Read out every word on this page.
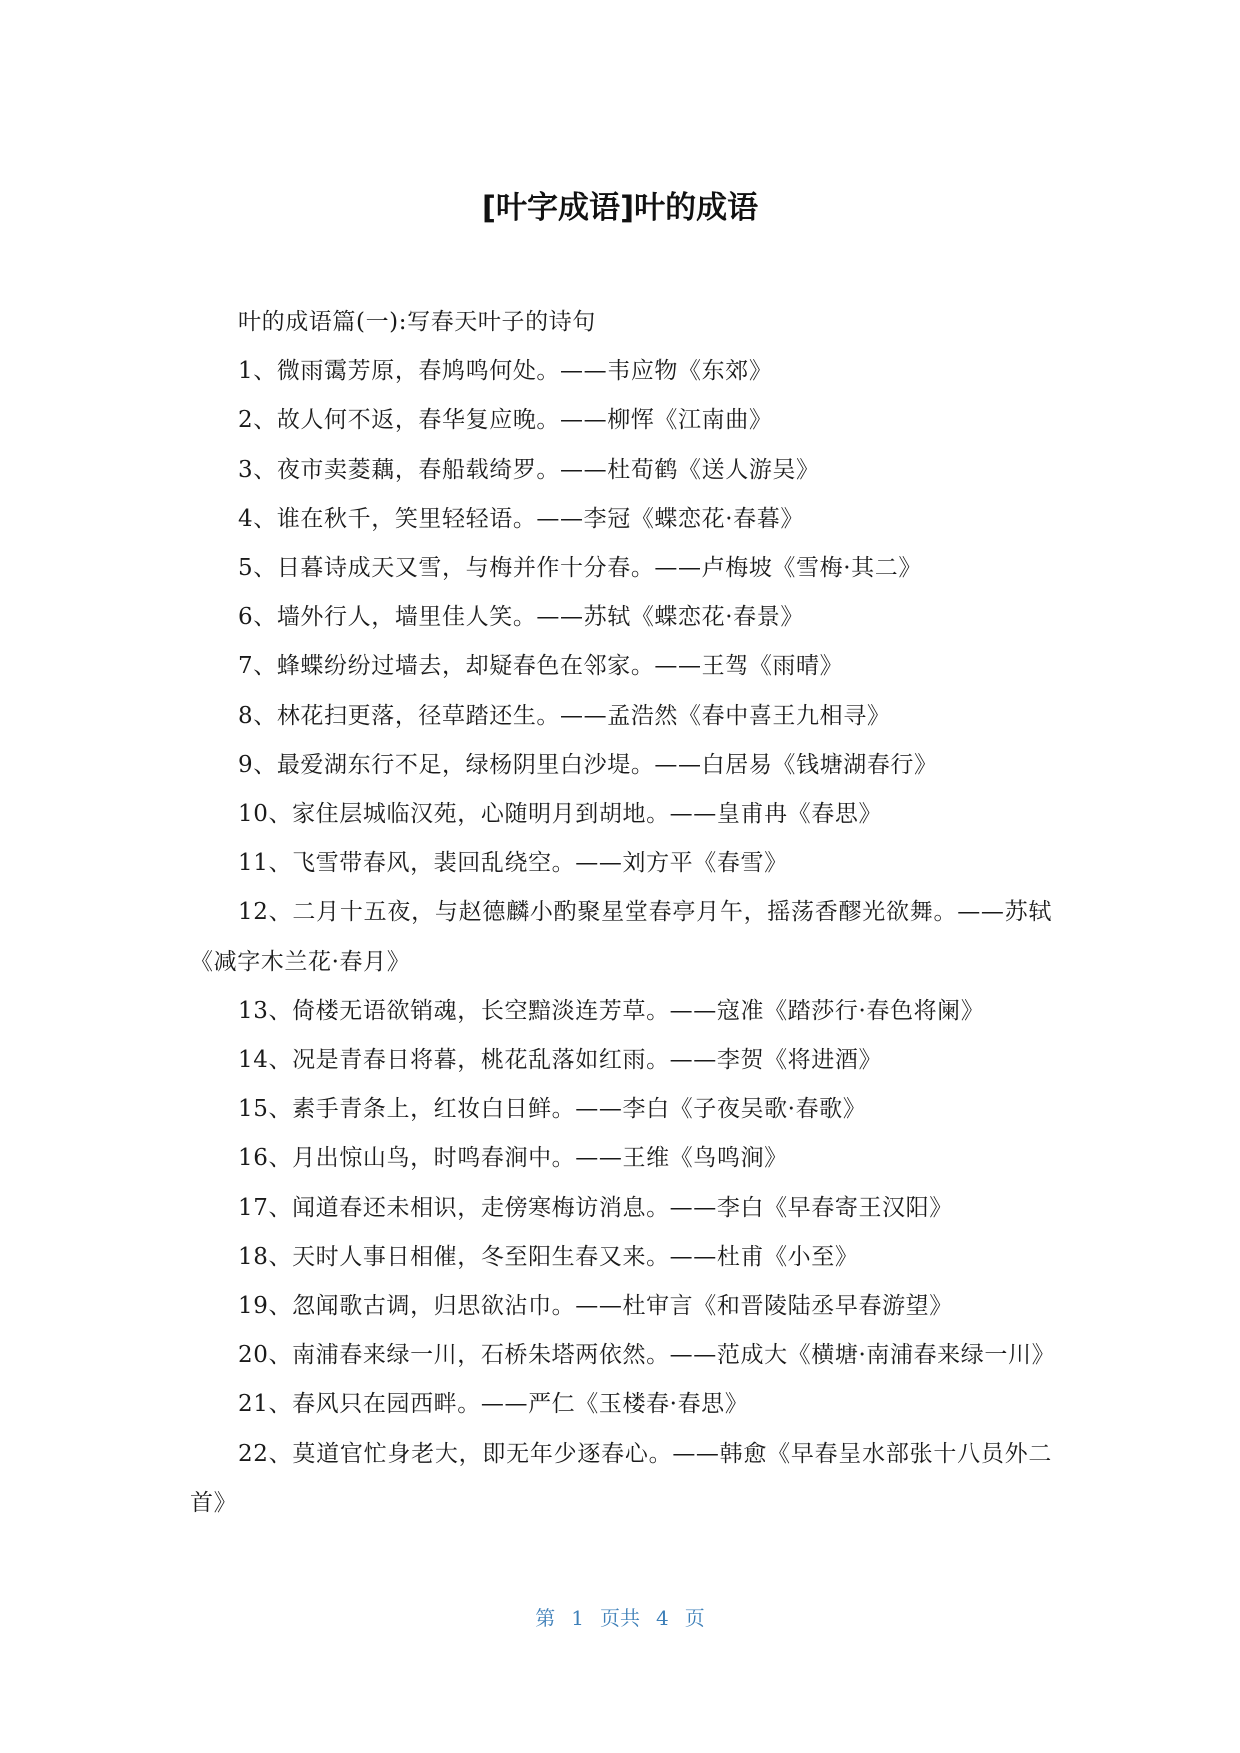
[叶字成语]叶的成语

叶的成语篇(一):写春天叶子的诗句

1、微雨霭芳原，春鸠鸣何处。——韦应物《东郊》

2、故人何不返，春华复应晚。——柳恽《江南曲》

3、夜市卖菱藕，春船载绮罗。——杜荀鹤《送人游吴》

4、谁在秋千，笑里轻轻语。——李冠《蝶恋花·春暮》

5、日暮诗成天又雪，与梅并作十分春。——卢梅坡《雪梅·其二》

6、墙外行人，墙里佳人笑。——苏轼《蝶恋花·春景》

7、蜂蝶纷纷过墙去，却疑春色在邻家。——王驾《雨晴》

8、林花扫更落，径草踏还生。——孟浩然《春中喜王九相寻》

9、最爱湖东行不足，绿杨阴里白沙堤。——白居易《钱塘湖春行》

10、家住层城临汉苑，心随明月到胡地。——皇甫冉《春思》

11、飞雪带春风，裴回乱绕空。——刘方平《春雪》

12、二月十五夜，与赵德麟小酌聚星堂春亭月午，摇荡香醪光欲舞。——苏轼《减字木兰花·春月》

13、倚楼无语欲销魂，长空黯淡连芳草。——寇准《踏莎行·春色将阑》

14、况是青春日将暮，桃花乱落如红雨。——李贺《将进酒》

15、素手青条上，红妆白日鲜。——李白《子夜吴歌·春歌》

16、月出惊山鸟，时鸣春涧中。——王维《鸟鸣涧》

17、闻道春还未相识，走傍寒梅访消息。——李白《早春寄王汉阳》

18、天时人事日相催，冬至阳生春又来。——杜甫《小至》

19、忽闻歌古调，归思欲沾巾。——杜审言《和晋陵陆丞早春游望》

20、南浦春来绿一川，石桥朱塔两依然。——范成大《横塘·南浦春来绿一川》

21、春风只在园西畔。——严仁《玉楼春·春思》

22、莫道官忙身老大，即无年少逐春心。——韩愈《早春呈水部张十八员外二首》

第 1 页共 4 页
